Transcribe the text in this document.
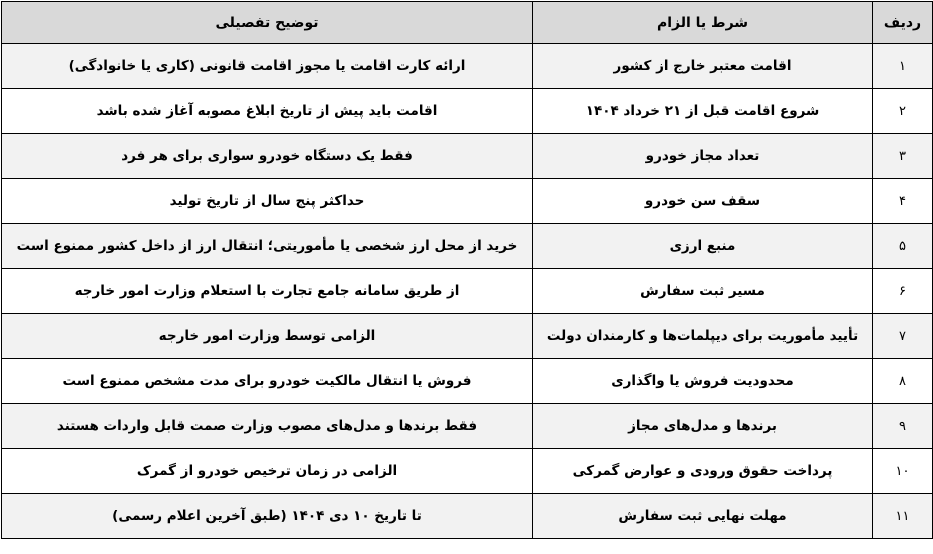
ردیف	شرط یا الزام	توضیح تفصیلی
۱	اقامت معتبر خارج از کشور	ارائه کارت اقامت یا مجوز اقامت قانونی (کاری یا خانوادگی)
۲	شروع اقامت قبل از ۲۱ خرداد ۱۴۰۴	اقامت باید پیش از تاریخ ابلاغ مصوبه آغاز شده باشد
۳	تعداد مجاز خودرو	فقط یک دستگاه خودرو سواری برای هر فرد
۴	سقف سن خودرو	حداکثر پنج سال از تاریخ تولید
۵	منبع ارزی	خرید از محل ارز شخصی یا مأموریتی؛ انتقال ارز از داخل کشور ممنوع است
۶	مسیر ثبت سفارش	از طریق سامانه جامع تجارت با استعلام وزارت امور خارجه
۷	تأیید مأموریت برای دیپلمات‌ها و کارمندان دولت	الزامی توسط وزارت امور خارجه
۸	محدودیت فروش یا واگذاری	فروش یا انتقال مالکیت خودرو برای مدت مشخص ممنوع است
۹	برندها و مدل‌های مجاز	فقط برندها و مدل‌های مصوب وزارت صمت قابل واردات هستند
۱۰	پرداخت حقوق ورودی و عوارض گمرکی	الزامی در زمان ترخیص خودرو از گمرک
۱۱	مهلت نهایی ثبت سفارش	تا تاریخ ۱۰ دی ۱۴۰۴ (طبق آخرین اعلام رسمی)
